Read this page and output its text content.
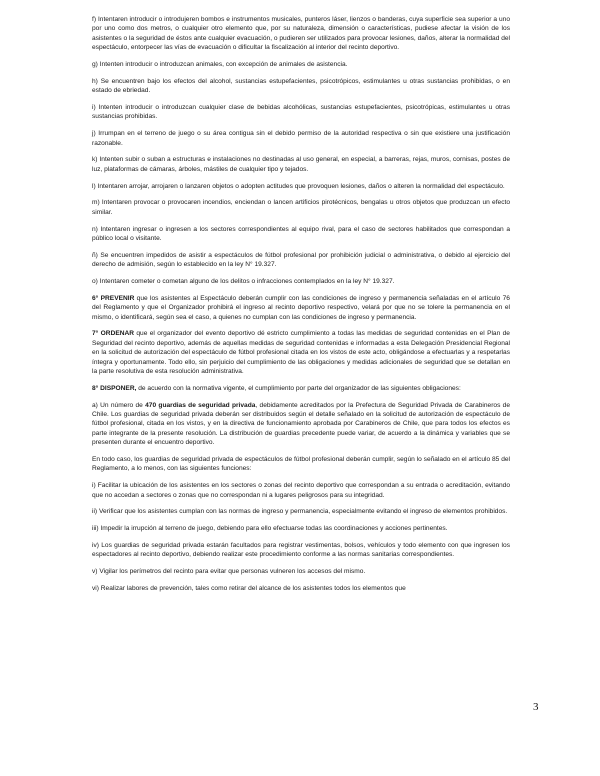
f) Intentaren introducir o introdujeren bombos e instrumentos musicales, punteros láser, lienzos o banderas, cuya superficie sea superior a uno por uno como dos metros, o cualquier otro elemento que, por su naturaleza, dimensión o características, pudiese afectar la visión de los asistentes o la seguridad de éstos ante cualquier evacuación, o pudieren ser utilizados para provocar lesiones, daños, alterar la normalidad del espectáculo, entorpecer las vías de evacuación o dificultar la fiscalización al interior del recinto deportivo.

g) Intenten introducir o introduzcan animales, con excepción de animales de asistencia.

h) Se encuentren bajo los efectos del alcohol, sustancias estupefacientes, psicotrópicos, estimulantes u otras sustancias prohibidas, o en estado de ebriedad.

i) Intenten introducir o introduzcan cualquier clase de bebidas alcohólicas, sustancias estupefacientes, psicotrópicas, estimulantes u otras sustancias prohibidas.

j) Irrumpan en el terreno de juego o su área contigua sin el debido permiso de la autoridad respectiva o sin que existiere una justificación razonable.

k) Intenten subir o suban a estructuras e instalaciones no destinadas al uso general, en especial, a barreras, rejas, muros, cornisas, postes de luz, plataformas de cámaras, árboles, mástiles de cualquier tipo y tejados.

l) Intentaren arrojar, arrojaren o lanzaren objetos o adopten actitudes que provoquen lesiones, daños o alteren la normalidad del espectáculo.

m) Intentaren provocar o provocaren incendios, enciendan o lancen artificios pirotécnicos, bengalas u otros objetos que produzcan un efecto similar.

n) Intentaren ingresar o ingresen a los sectores correspondientes al equipo rival, para el caso de sectores habilitados que correspondan a público local o visitante.

ñ) Se encuentren impedidos de asistir a espectáculos de fútbol profesional por prohibición judicial o administrativa, o debido al ejercicio del derecho de admisión, según lo establecido en la ley N° 19.327.

o) Intentaren cometer o cometan alguno de los delitos o infracciones contemplados en la ley N° 19.327.

6° PREVENIR que los asistentes al Espectáculo deberán cumplir con las condiciones de ingreso y permanencia señaladas en el artículo 76 del Reglamento y que el Organizador prohibirá el ingreso al recinto deportivo respectivo, velará por que no se tolere la permanencia en el mismo, o identificará, según sea el caso, a quienes no cumplan con las condiciones de ingreso y permanencia.

7° ORDENAR que el organizador del evento deportivo dé estricto cumplimiento a todas las medidas de seguridad contenidas en el Plan de Seguridad del recinto deportivo, además de aquellas medidas de seguridad contenidas e informadas a esta Delegación Presidencial Regional en la solicitud de autorización del espectáculo de fútbol profesional citada en los vistos de este acto, obligándose a efectuarlas y a respetarlas íntegra y oportunamente. Todo ello, sin perjuicio del cumplimiento de las obligaciones y medidas adicionales de seguridad que se detallan en la parte resolutiva de esta resolución administrativa.

8° DISPONER, de acuerdo con la normativa vigente, el cumplimiento por parte del organizador de las siguientes obligaciones:

a) Un número de 470 guardias de seguridad privada, debidamente acreditados por la Prefectura de Seguridad Privada de Carabineros de Chile. Los guardias de seguridad privada deberán ser distribuidos según el detalle señalado en la solicitud de autorización de espectáculo de fútbol profesional, citada en los vistos, y en la directiva de funcionamiento aprobada por Carabineros de Chile, que para todos los efectos es parte integrante de la presente resolución. La distribución de guardias precedente puede variar, de acuerdo a la dinámica y variables que se presenten durante el encuentro deportivo.

En todo caso, los guardias de seguridad privada de espectáculos de fútbol profesional deberán cumplir, según lo señalado en el artículo 85 del Reglamento, a lo menos, con las siguientes funciones:

i) Facilitar la ubicación de los asistentes en los sectores o zonas del recinto deportivo que correspondan a su entrada o acreditación, evitando que no accedan a sectores o zonas que no correspondan ni a lugares peligrosos para su integridad.

ii) Verificar que los asistentes cumplan con las normas de ingreso y permanencia, especialmente evitando el ingreso de elementos prohibidos.

iii) Impedir la irrupción al terreno de juego, debiendo para ello efectuarse todas las coordinaciones y acciones pertinentes.

iv) Los guardias de seguridad privada estarán facultados para registrar vestimentas, bolsos, vehículos y todo elemento con que ingresen los espectadores al recinto deportivo, debiendo realizar este procedimiento conforme a las normas sanitarias correspondientes.

v) Vigilar los perímetros del recinto para evitar que personas vulneren los accesos del mismo.

vi) Realizar labores de prevención, tales como retirar del alcance de los asistentes todos los elementos que

3
